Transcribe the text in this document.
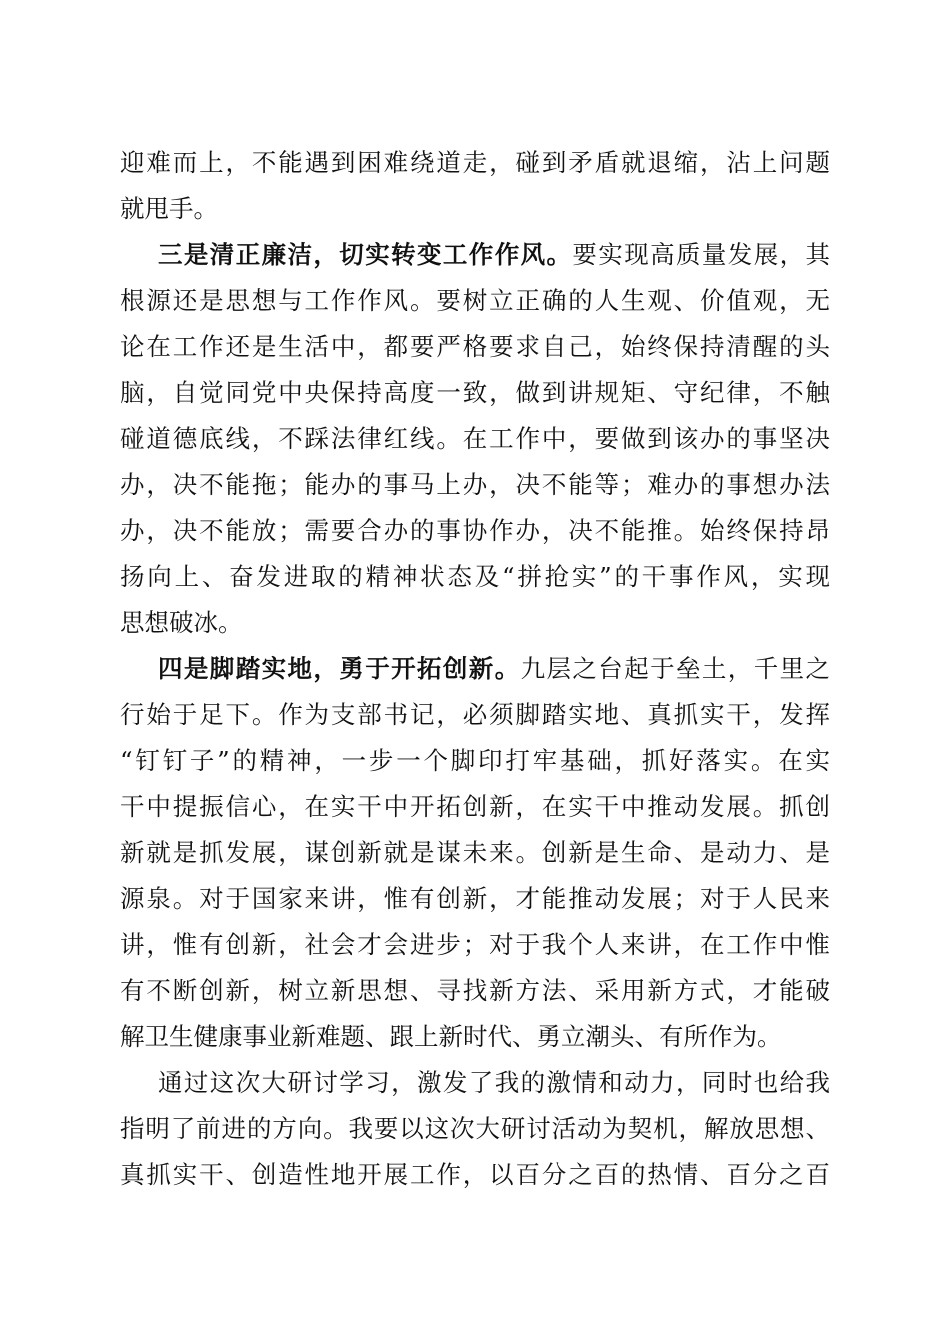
迎难而上，不能遇到困难绕道走，碰到矛盾就退缩，沾上问题
就甩手。
三是清正廉洁，切实转变工作作风。要实现高质量发展，其
根源还是思想与工作作风。要树立正确的人生观、价值观，无
论在工作还是生活中，都要严格要求自己，始终保持清醒的头
脑，自觉同党中央保持高度一致，做到讲规矩、守纪律，不触
碰道德底线，不踩法律红线。在工作中，要做到该办的事坚决
办，决不能拖；能办的事马上办，决不能等；难办的事想办法
办，决不能放；需要合办的事协作办，决不能推。始终保持昂
扬向上、奋发进取的精神状态及“拼抢实”的干事作风，实现
思想破冰。
四是脚踏实地，勇于开拓创新。九层之台起于垒土，千里之
行始于足下。作为支部书记，必须脚踏实地、真抓实干，发挥
“钉钉子”的精神，一步一个脚印打牢基础，抓好落实。在实
干中提振信心，在实干中开拓创新，在实干中推动发展。抓创
新就是抓发展，谋创新就是谋未来。创新是生命、是动力、是
源泉。对于国家来讲，惟有创新，才能推动发展；对于人民来
讲，惟有创新，社会才会进步；对于我个人来讲，在工作中惟
有不断创新，树立新思想、寻找新方法、采用新方式，才能破
解卫生健康事业新难题、跟上新时代、勇立潮头、有所作为。
通过这次大研讨学习，激发了我的激情和动力，同时也给我
指明了前进的方向。我要以这次大研讨活动为契机，解放思想、
真抓实干、创造性地开展工作，以百分之百的热情、百分之百
